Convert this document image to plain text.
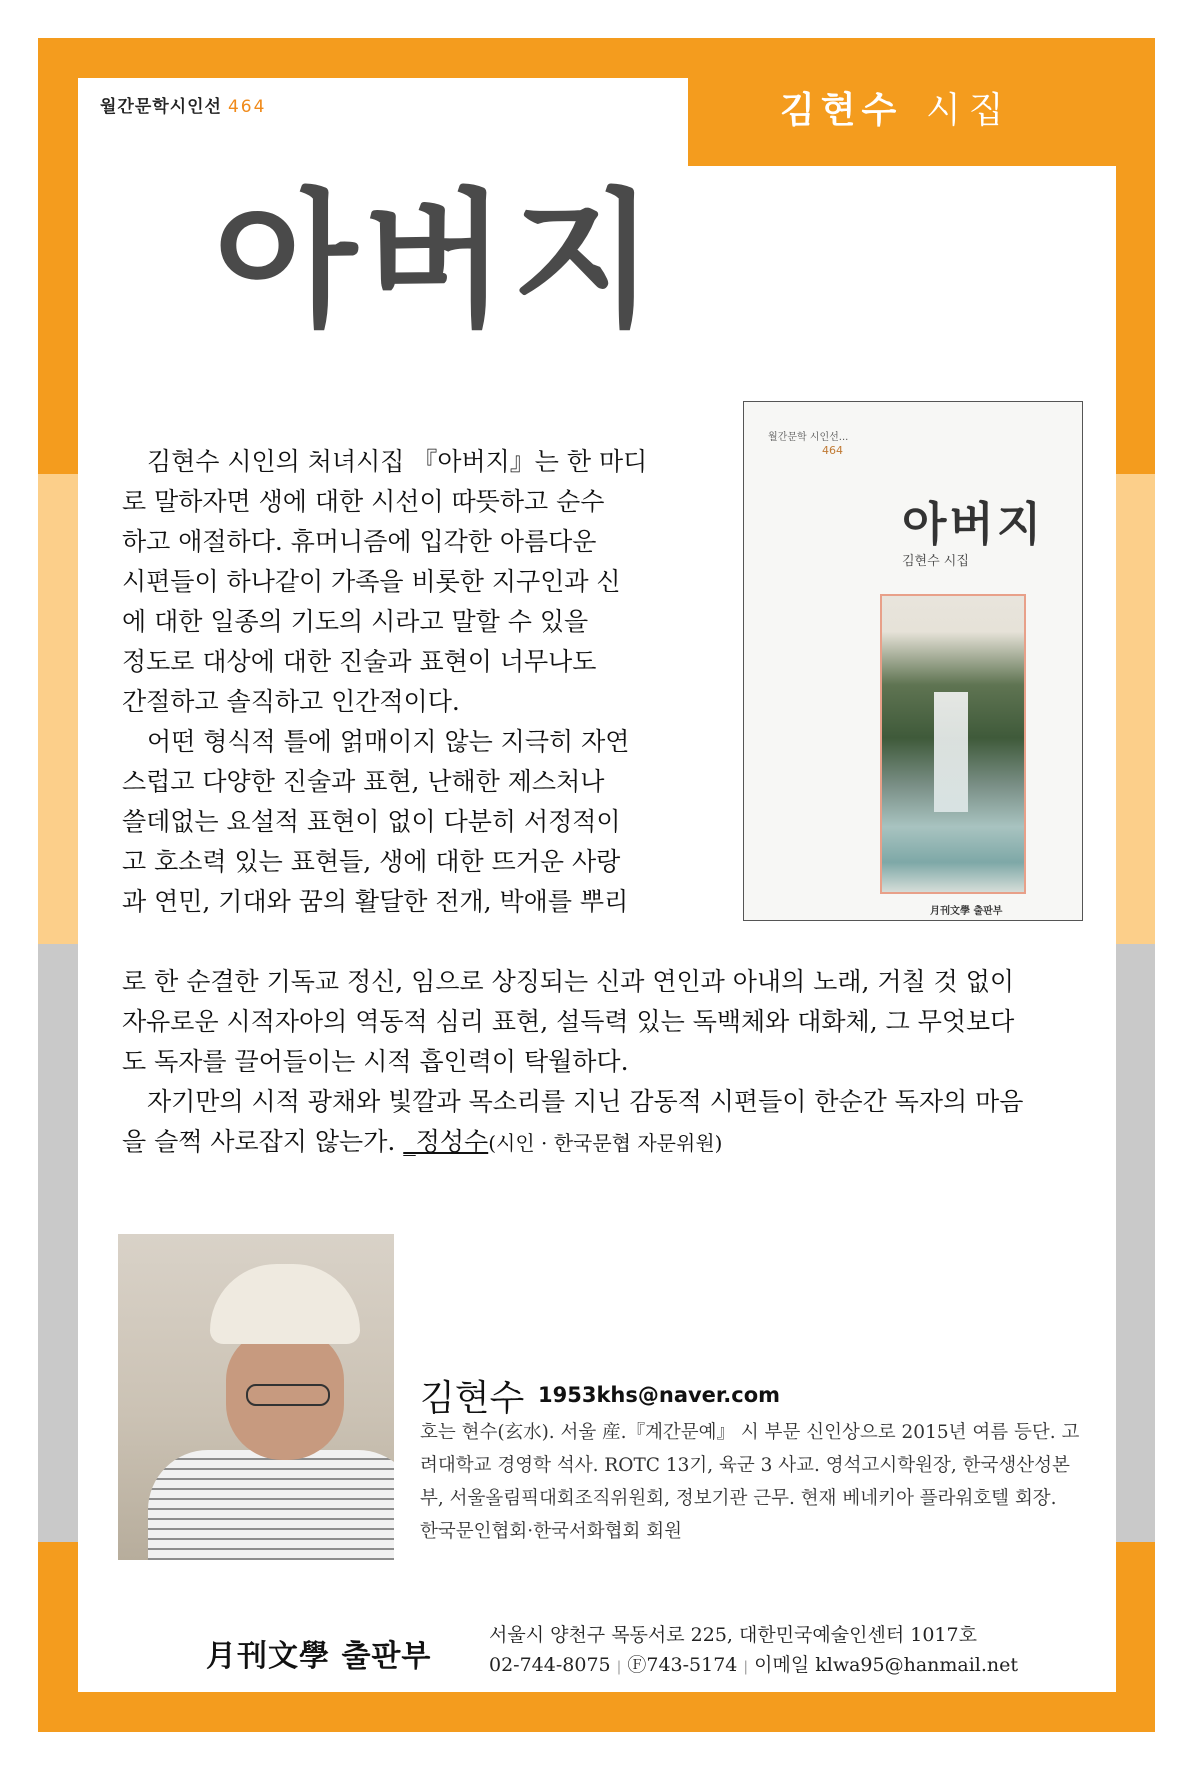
월간문학시인선 464	김현수 시집
아버지
월간문학 시인선...
464
아버지
김현수 시집
月刊文學 출판부
　김현수 시인의 처녀시집 『아버지』는 한 마디
로 말하자면 생에 대한 시선이 따뜻하고 순수
하고 애절하다. 휴머니즘에 입각한 아름다운
시편들이 하나같이 가족을 비롯한 지구인과 신
에 대한 일종의 기도의 시라고 말할 수 있을
정도로 대상에 대한 진술과 표현이 너무나도
간절하고 솔직하고 인간적이다.
　어떤 형식적 틀에 얽매이지 않는 지극히 자연
스럽고 다양한 진술과 표현, 난해한 제스처나
쓸데없는 요설적 표현이 없이 다분히 서정적이
고 호소력 있는 표현들, 생에 대한 뜨거운 사랑
과 연민, 기대와 꿈의 활달한 전개, 박애를 뿌리
로 한 순결한 기독교 정신, 임으로 상징되는 신과 연인과 아내의 노래, 거칠 것 없이
자유로운 시적자아의 역동적 심리 표현, 설득력 있는 독백체와 대화체, 그 무엇보다
도 독자를 끌어들이는 시적 흡인력이 탁월하다.
　자기만의 시적 광채와 빛깔과 목소리를 지닌 감동적 시편들이 한순간 독자의 마음
을 슬쩍 사로잡지 않는가. _정성수(시인 · 한국문협 자문위원)
김현수 1953khs@naver.com
호는 현수(玄水). 서울 産.『계간문예』 시 부문 신인상으로 2015년 여름 등단. 고려대학교 경영학 석사. ROTC 13기, 육군 3 사교. 영석고시학원장, 한국생산성본부, 서울올림픽대회조직위원회, 정보기관 근무. 현재 베네키아 플라워호텔 회장. 한국문인협회·한국서화협회 회원
月刊文學 출판부
서울시 양천구 목동서로 225, 대한민국예술인센터 1017호
02-744-8075 | Ⓕ743-5174 | 이메일 klwa95@hanmail.net
